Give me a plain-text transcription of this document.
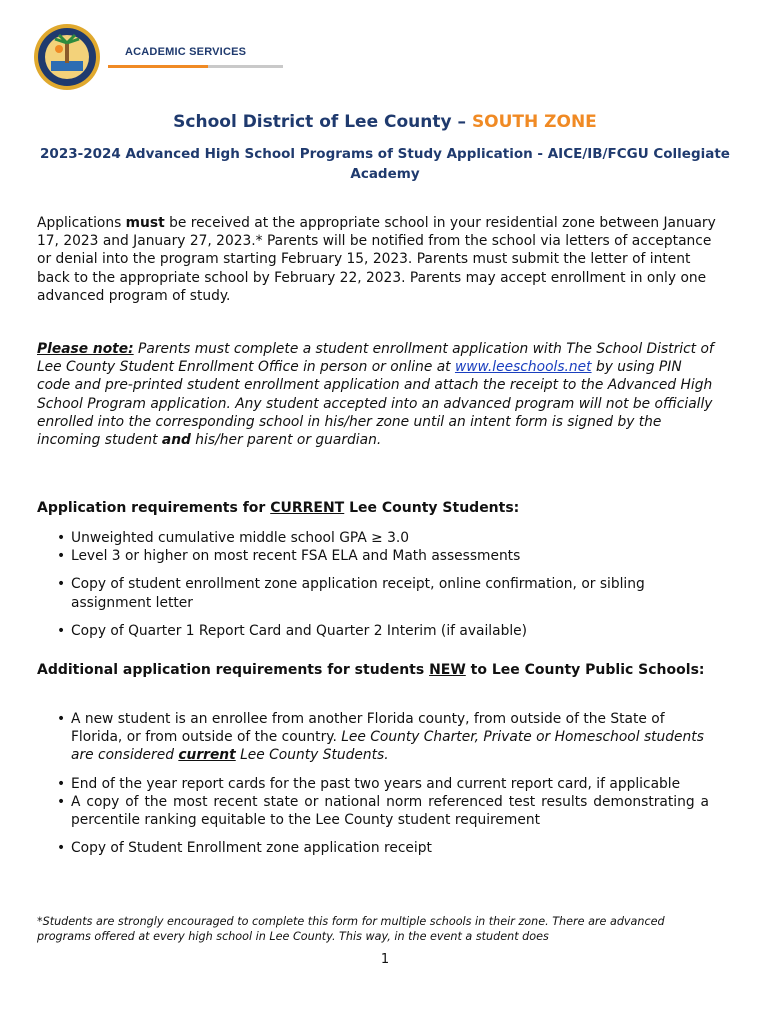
ACADEMIC SERVICES
School District of Lee County – SOUTH ZONE
2023-2024 Advanced High School Programs of Study Application - AICE/IB/FCGU Collegiate Academy
Applications must be received at the appropriate school in your residential zone between January 17, 2023 and January 27, 2023.* Parents will be notified from the school via letters of acceptance or denial into the program starting February 15, 2023. Parents must submit the letter of intent back to the appropriate school by February 22, 2023. Parents may accept enrollment in only one advanced program of study.
Please note: Parents must complete a student enrollment application with The School District of Lee County Student Enrollment Office in person or online at www.leeschools.net by using PIN code and pre-printed student enrollment application and attach the receipt to the Advanced High School Program application. Any student accepted into an advanced program will not be officially enrolled into the corresponding school in his/her zone until an intent form is signed by the incoming student and his/her parent or guardian.
Application requirements for CURRENT Lee County Students:
• Unweighted cumulative middle school GPA ≥ 3.0
• Level 3 or higher on most recent FSA ELA and Math assessments
• Copy of student enrollment zone application receipt, online confirmation, or sibling assignment letter
• Copy of Quarter 1 Report Card and Quarter 2 Interim (if available)
Additional application requirements for students NEW to Lee County Public Schools:
• A new student is an enrollee from another Florida county, from outside of the State of Florida, or from outside of the country. Lee County Charter, Private or Homeschool students are considered current Lee County Students.
• End of the year report cards for the past two years and current report card, if applicable
• A copy of the most recent state or national norm referenced test results demonstrating a percentile ranking equitable to the Lee County student requirement
• Copy of Student Enrollment zone application receipt
*Students are strongly encouraged to complete this form for multiple schools in their zone. There are advanced programs offered at every high school in Lee County. This way, in the event a student does
1
